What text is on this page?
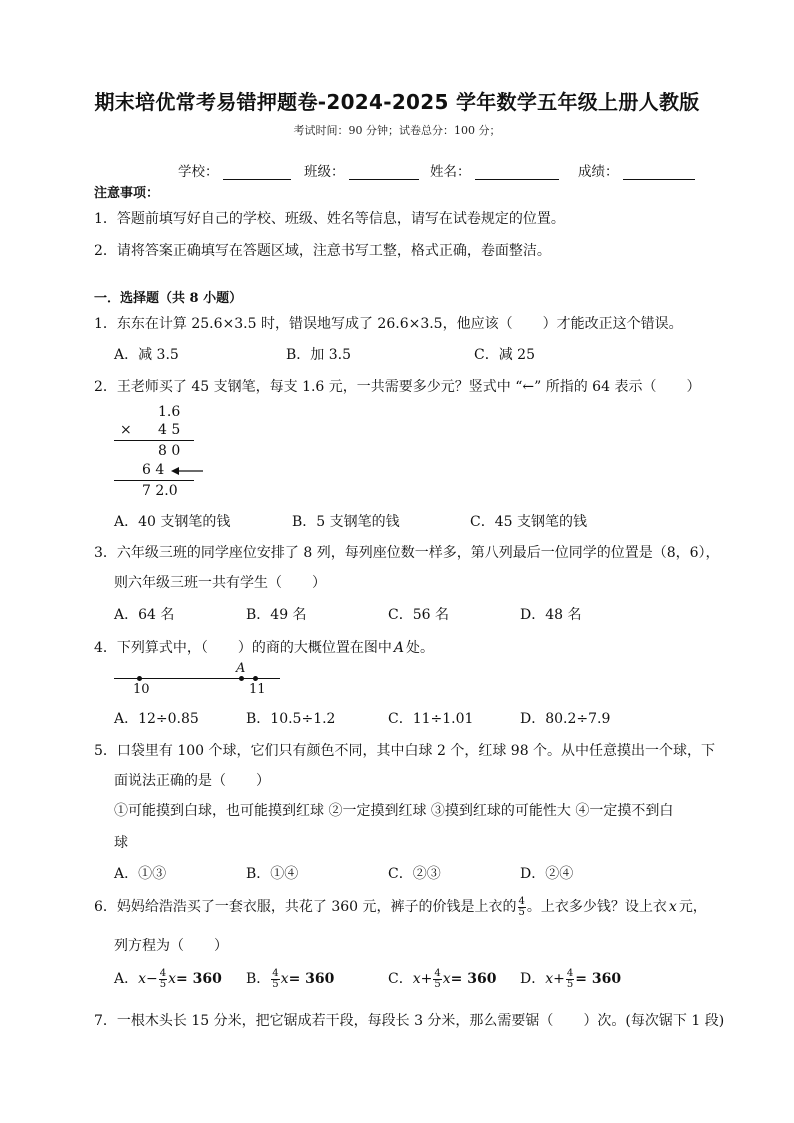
期末培优常考易错押题卷-2024-2025 学年数学五年级上册人教版
考试时间：90 分钟；试卷总分：100 分；
学校：	班级：	姓名：	成绩：
注意事项：
1．答题前填写好自己的学校、班级、姓名等信息，请写在试卷规定的位置。
2．请将答案正确填写在答题区域，注意书写工整，格式正确，卷面整洁。
一．选择题（共 8 小题）
1．东东在计算 25.6×3.5 时，错误地写成了 26.6×3.5，他应该（ ）才能改正这个错误。
A．减 3.5	B．加 3.5	C．减 25
2．王老师买了 45 支钢笔，每支 1.6 元，一共需要多少元？竖式中 “←” 所指的 64 表示（ ）
1.6
× 4 5
8 0
6 4
7 2.0
A．40 支钢笔的钱	B．5 支钢笔的钱	C．45 支钢笔的钱
3．六年级三班的同学座位安排了 8 列，每列座位数一样多，第八列最后一位同学的位置是（8，6），
则六年级三班一共有学生（ ）
A．64 名	B．49 名	C．56 名	D．48 名
4．下列算式中，（ ）的商的大概位置在图中 A 处。
A
10	11
A．12÷0.85	B．10.5÷1.2	C．11÷1.01	D．80.2÷7.9
5．口袋里有 100 个球，它们只有颜色不同，其中白球 2 个，红球 98 个。从中任意摸出一个球，下
面说法正确的是（ ）
①可能摸到白球，也可能摸到红球 ②一定摸到红球 ③摸到红球的可能性大 ④一定摸不到白
球
A．①③	B．①④	C．②③	D．②④
6．妈妈给浩浩买了一套衣服，共花了 360 元，裤子的价钱是上衣的 $\frac{4}{5}$ 。上衣多少钱？设上衣 x 元，
列方程为（ ）
A．$x- \frac{4}{5} x= 360$ B． $\frac{4}{5} x= 360$	C．$x+ \frac{4}{5} x= 360$ D．$x+ \frac{4}{5} = 360$
7．一根木头长 15 分米，把它锯成若干段，每段长 3 分米，那么需要锯（ ）次。(每次锯下 1 段)
